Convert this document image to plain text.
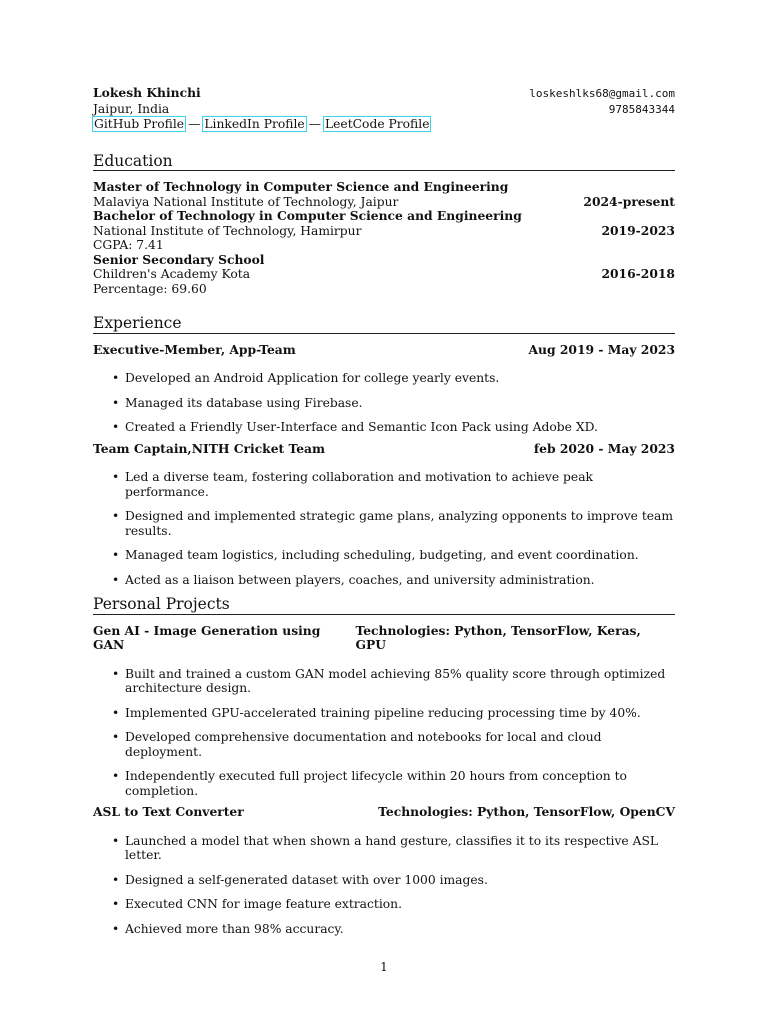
Lokesh Khinchi	loskeshlks68@gmail.com
Jaipur, India	9785843344
GitHub Profile — LinkedIn Profile — LeetCode Profile
Education
Master of Technology in Computer Science and Engineering
Malaviya National Institute of Technology, Jaipur	2024-present
Bachelor of Technology in Computer Science and Engineering
National Institute of Technology, Hamirpur	2019-2023
CGPA: 7.41
Senior Secondary School
Children's Academy Kota	2016-2018
Percentage: 69.60
Experience
Executive-Member, App-Team	Aug 2019 - May 2023
• Developed an Android Application for college yearly events.
• Managed its database using Firebase.
• Created a Friendly User-Interface and Semantic Icon Pack using Adobe XD.
Team Captain,NITH Cricket Team	feb 2020 - May 2023
• Led a diverse team, fostering collaboration and motivation to achieve peak performance.
• Designed and implemented strategic game plans, analyzing opponents to improve team results.
• Managed team logistics, including scheduling, budgeting, and event coordination.
• Acted as a liaison between players, coaches, and university administration.
Personal Projects
Gen AI - Image Generation using GAN
Technologies: Python, TensorFlow, Keras, GPU
• Built and trained a custom GAN model achieving 85% quality score through optimized architecture design.
• Implemented GPU-accelerated training pipeline reducing processing time by 40%.
• Developed comprehensive documentation and notebooks for local and cloud deployment.
• Independently executed full project lifecycle within 20 hours from conception to completion.
ASL to Text Converter	Technologies: Python, TensorFlow, OpenCV
• Launched a model that when shown a hand gesture, classifies it to its respective ASL letter.
• Designed a self-generated dataset with over 1000 images.
• Executed CNN for image feature extraction.
• Achieved more than 98% accuracy.
1
